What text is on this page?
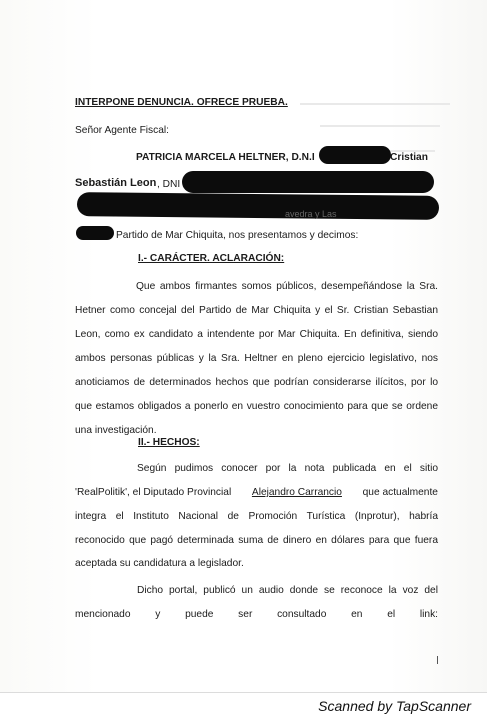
INTERPONE DENUNCIA. OFRECE PRUEBA.
Señor Agente Fiscal:
PATRICIA MARCELA HELTNER, D.N.I	Cristian
Sebastián Leon , DNI
avedra y Las
Partido de Mar Chiquita, nos presentamos y decimos:
I.- CARÁCTER. ACLARACIÓN:
Que ambos firmantes somos públicos, desempeñándose la Sra.
Hetner como concejal del Partido de Mar Chiquita y el Sr. Cristian Sebastian
Leon, como ex candidato a intendente por Mar Chiquita. En definitiva, siendo
ambos personas públicas y la Sra. Heltner en pleno ejercicio legislativo, nos
anoticiamos de determinados hechos que podrían considerarse ilícitos, por lo
que estamos obligados a ponerlo en vuestro conocimiento para que se ordene
una investigación.
II.- HECHOS:
Según pudimos conocer por la nota publicada en el sitio
'RealPolitik', el Diputado Provincial Alejandro Carrancio que actualmente
integra el Instituto Nacional de Promoción Turística (Inprotur), habría
reconocido que pagó determinada suma de dinero en dólares para que fuera
aceptada su candidatura a legislador.
Dicho portal, publicó un audio donde se reconoce la voz del
mencionado y puede ser consultado en el link:
Scanned by TapScanner
